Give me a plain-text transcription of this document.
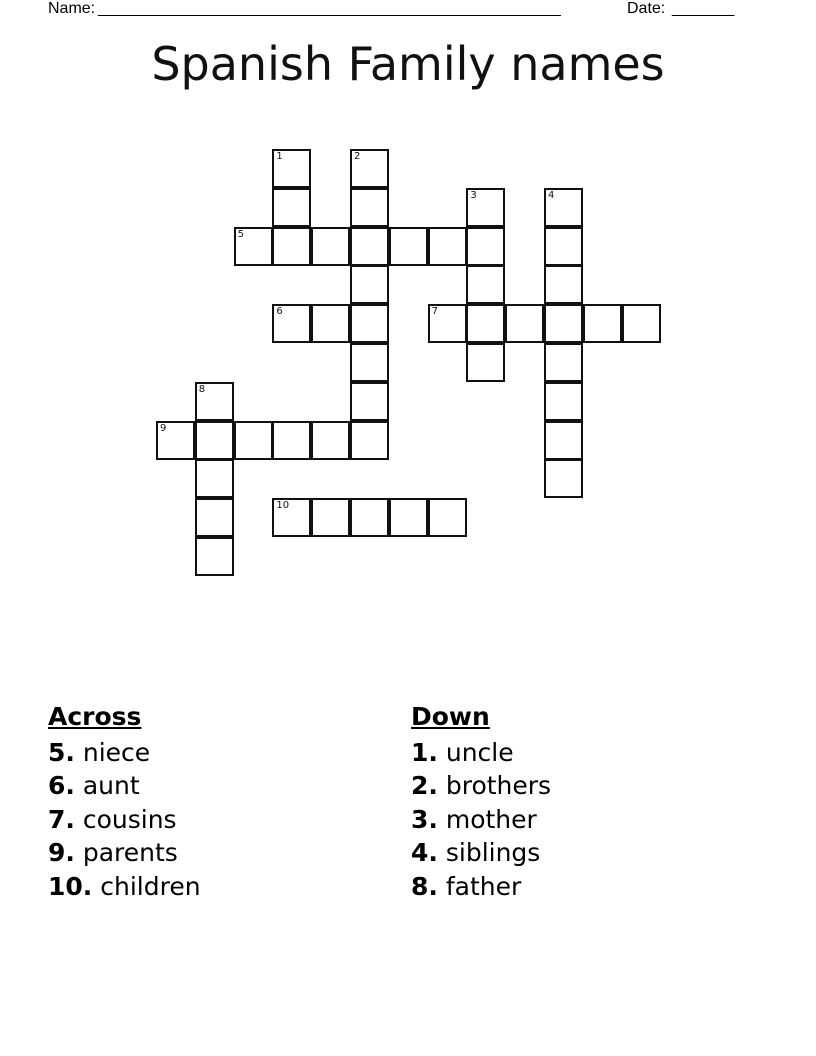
Name: ____________________________________________________	Date: _______
Spanish Family names
1	2
3	4
5
6	7
8
9
10
Across
5. niece
6. aunt
7. cousins
9. parents
10. children
Down
1. uncle
2. brothers
3. mother
4. siblings
8. father
